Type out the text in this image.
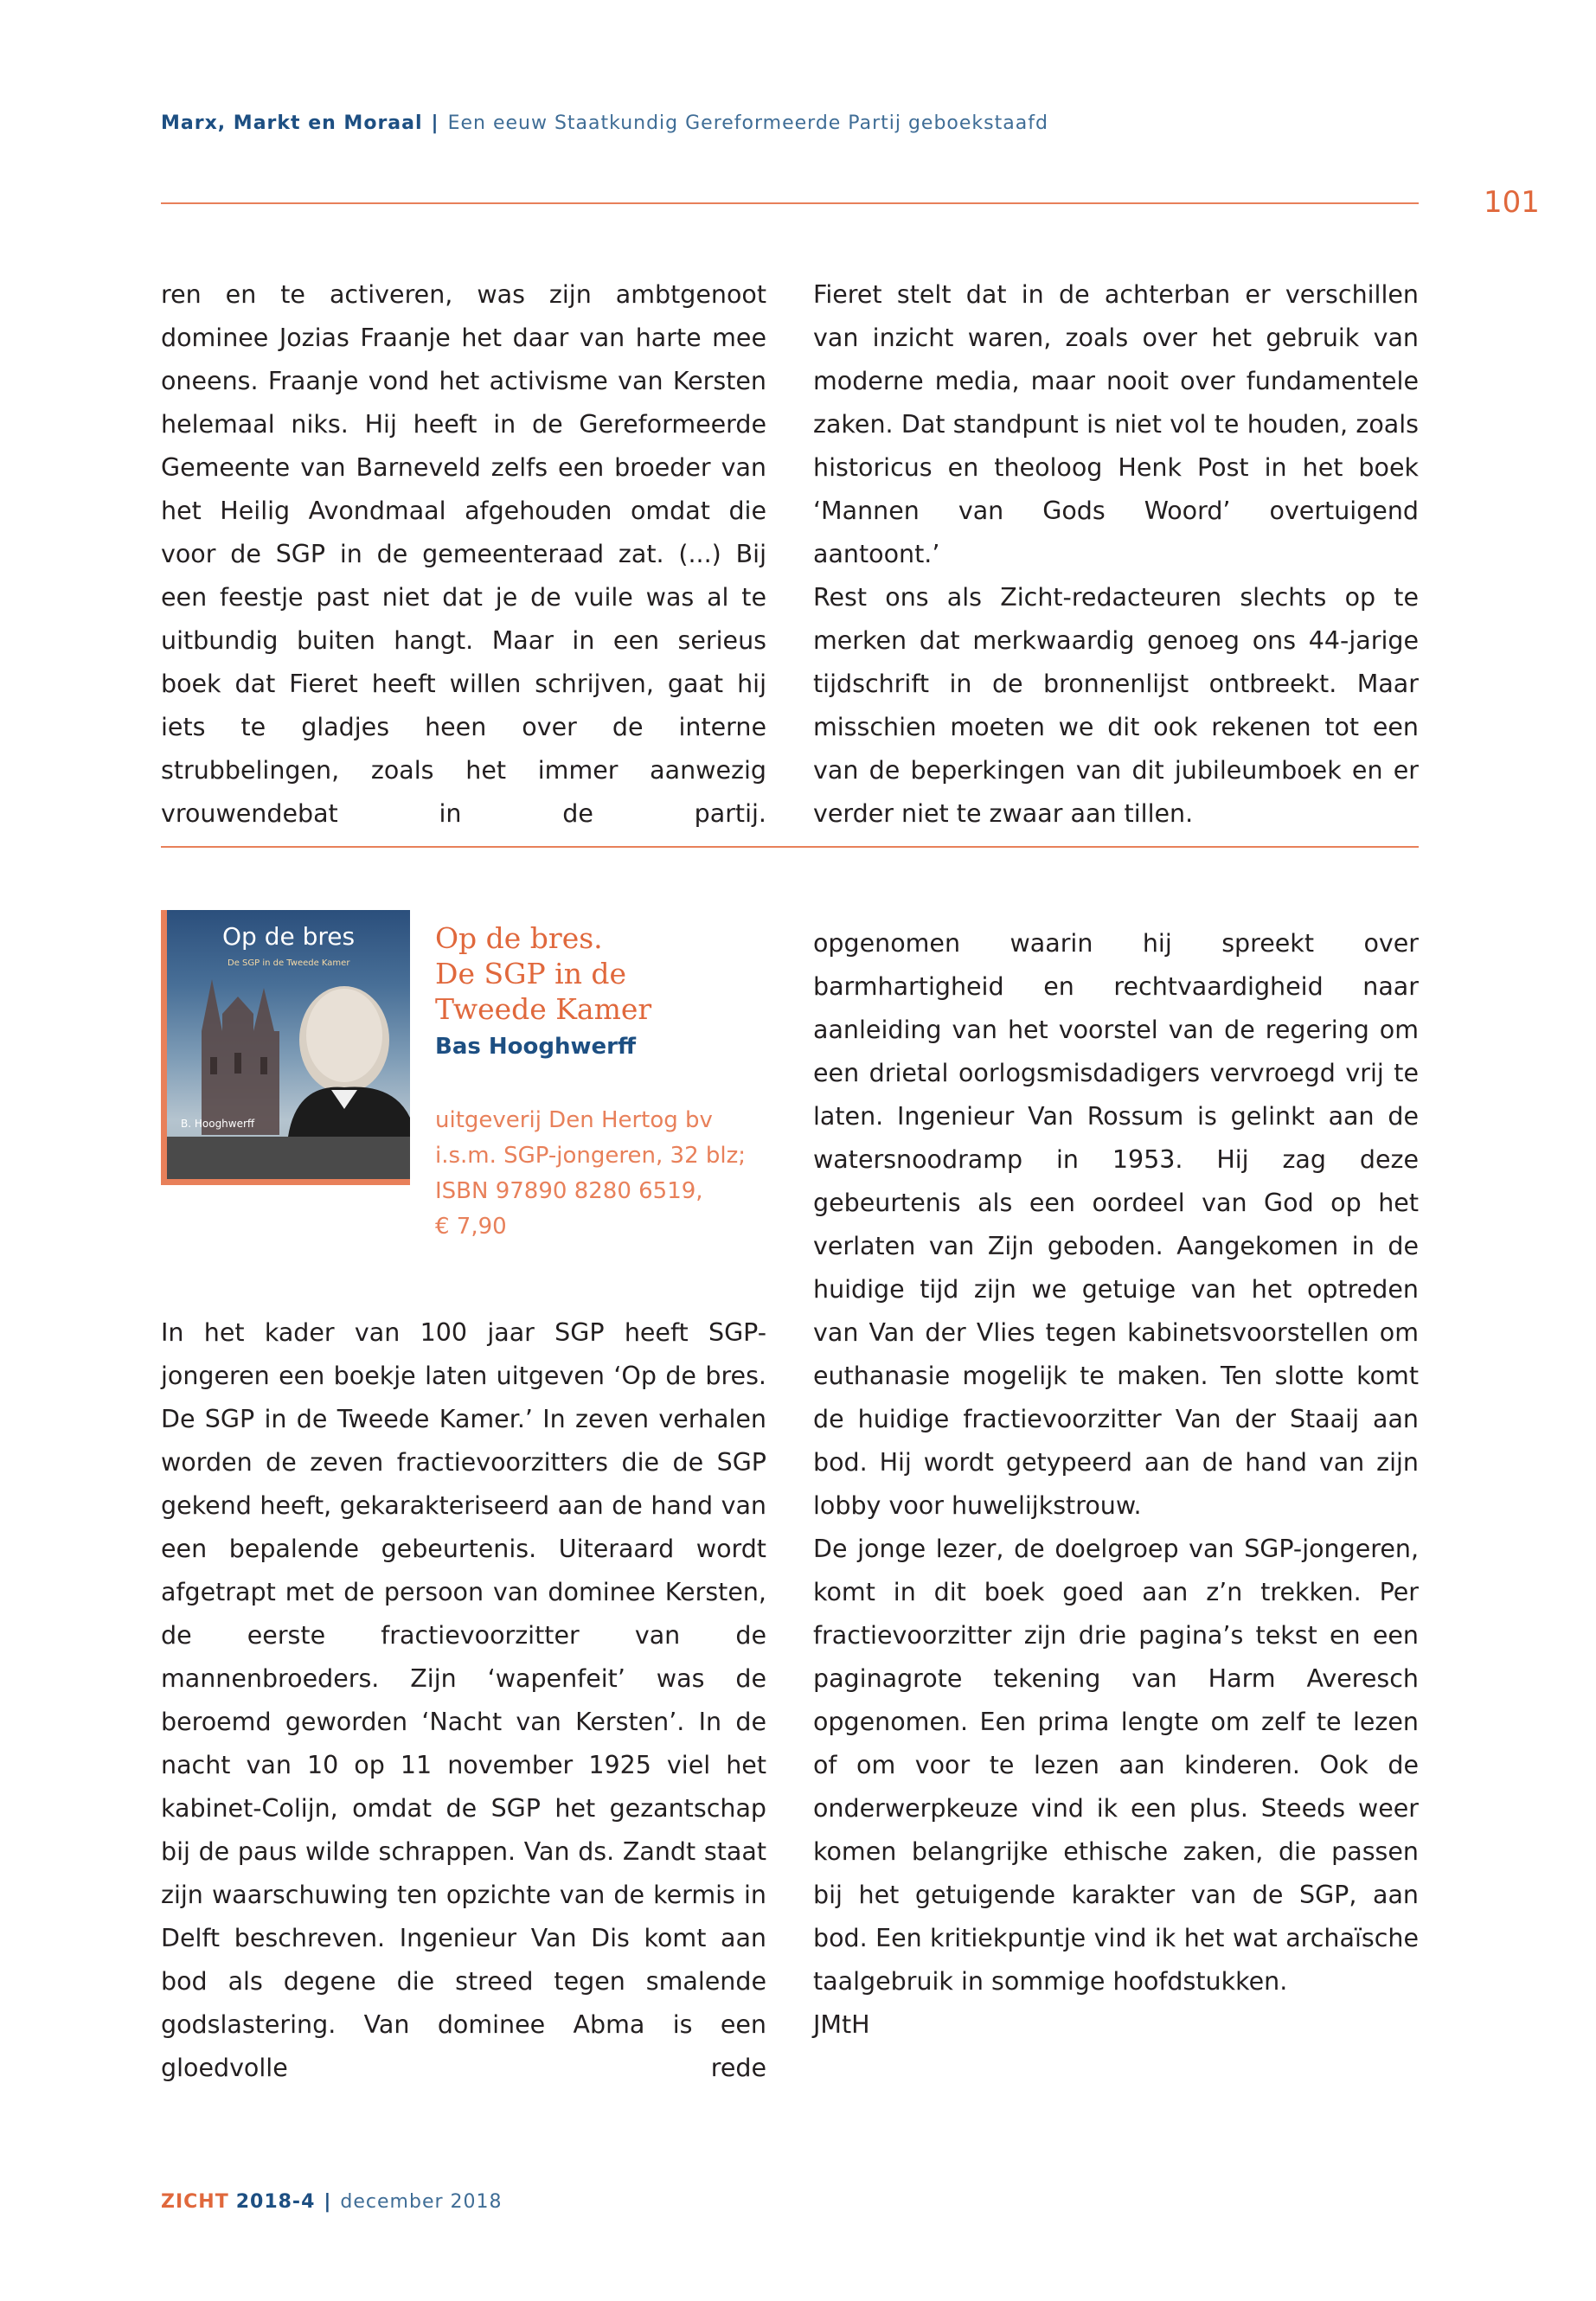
Marx, Markt en Moraal | Een eeuw Staatkundig Gereformeerde Partij geboekstaafd
101

ren en te activeren, was zijn ambtgenoot dominee Jozias Fraanje het daar van harte mee oneens. Fraanje vond het activisme van Kersten helemaal niks. Hij heeft in de Gereformeerde Gemeente van Barneveld zelfs een broeder van het Heilig Avondmaal afgehouden omdat die voor de SGP in de gemeenteraad zat. (...) Bij een feestje past niet dat je de vuile was al te uitbundig buiten hangt. Maar in een serieus boek dat Fieret heeft willen schrijven, gaat hij iets te gladjes heen over de interne strubbelingen, zoals het immer aanwezig vrouwendebat in de partij.

Fieret stelt dat in de achterban er verschillen van inzicht waren, zoals over het gebruik van moderne media, maar nooit over fundamentele zaken. Dat standpunt is niet vol te houden, zoals historicus en theoloog Henk Post in het boek ‘Mannen van Gods Woord’ overtuigend aantoont.’

Rest ons als Zicht-redacteuren slechts op te merken dat merkwaardig genoeg ons 44-jarige tijdschrift in de bronnenlijst ontbreekt. Maar misschien moeten we dit ook rekenen tot een van de beperkingen van dit jubileumboek en er verder niet te zwaar aan tillen.

Op de bres
De SGP in de Tweede Kamer
B. Hooghwerff
Op de bres.
De SGP in de
Tweede Kamer
Bas Hooghwerff
uitgeverij Den Hertog bv
i.s.m. SGP-jongeren, 32 blz;
ISBN 97890 8280 6519,
€ 7,90

In het kader van 100 jaar SGP heeft SGP-jongeren een boekje laten uitgeven ‘Op de bres. De SGP in de Tweede Kamer.’ In zeven verhalen worden de zeven fractievoorzitters die de SGP gekend heeft, gekarakteriseerd aan de hand van een bepalende gebeurtenis. Uiteraard wordt afgetrapt met de persoon van dominee Kersten, de eerste fractievoorzitter van de mannenbroeders. Zijn ‘wapenfeit’ was de beroemd geworden ‘Nacht van Kersten’. In de nacht van 10 op 11 november 1925 viel het kabinet-Colijn, omdat de SGP het gezantschap bij de paus wilde schrappen. Van ds. Zandt staat zijn waarschuwing ten opzichte van de kermis in Delft beschreven. Ingenieur Van Dis komt aan bod als degene die streed tegen smalende godslastering. Van dominee Abma is een gloedvolle rede

opgenomen waarin hij spreekt over barmhartigheid en rechtvaardigheid naar aanleiding van het voorstel van de regering om een drietal oorlogsmisdadigers vervroegd vrij te laten. Ingenieur Van Rossum is gelinkt aan de watersnoodramp in 1953. Hij zag deze gebeurtenis als een oordeel van God op het verlaten van Zijn geboden. Aangekomen in de huidige tijd zijn we getuige van het optreden van Van der Vlies tegen kabinetsvoorstellen om euthanasie mogelijk te maken. Ten slotte komt de huidige fractievoorzitter Van der Staaij aan bod. Hij wordt getypeerd aan de hand van zijn lobby voor huwelijkstrouw.

De jonge lezer, de doelgroep van SGP-jongeren, komt in dit boek goed aan z’n trekken. Per fractievoorzitter zijn drie pagina’s tekst en een paginagrote tekening van Harm Averesch opgenomen. Een prima lengte om zelf te lezen of om voor te lezen aan kinderen. Ook de onderwerpkeuze vind ik een plus. Steeds weer komen belangrijke ethische zaken, die passen bij het getuigende karakter van de SGP, aan bod. Een kritiekpuntje vind ik het wat archaïsche taalgebruik in sommige hoofdstukken.

JMtH

ZICHT 2018-4 | december 2018
